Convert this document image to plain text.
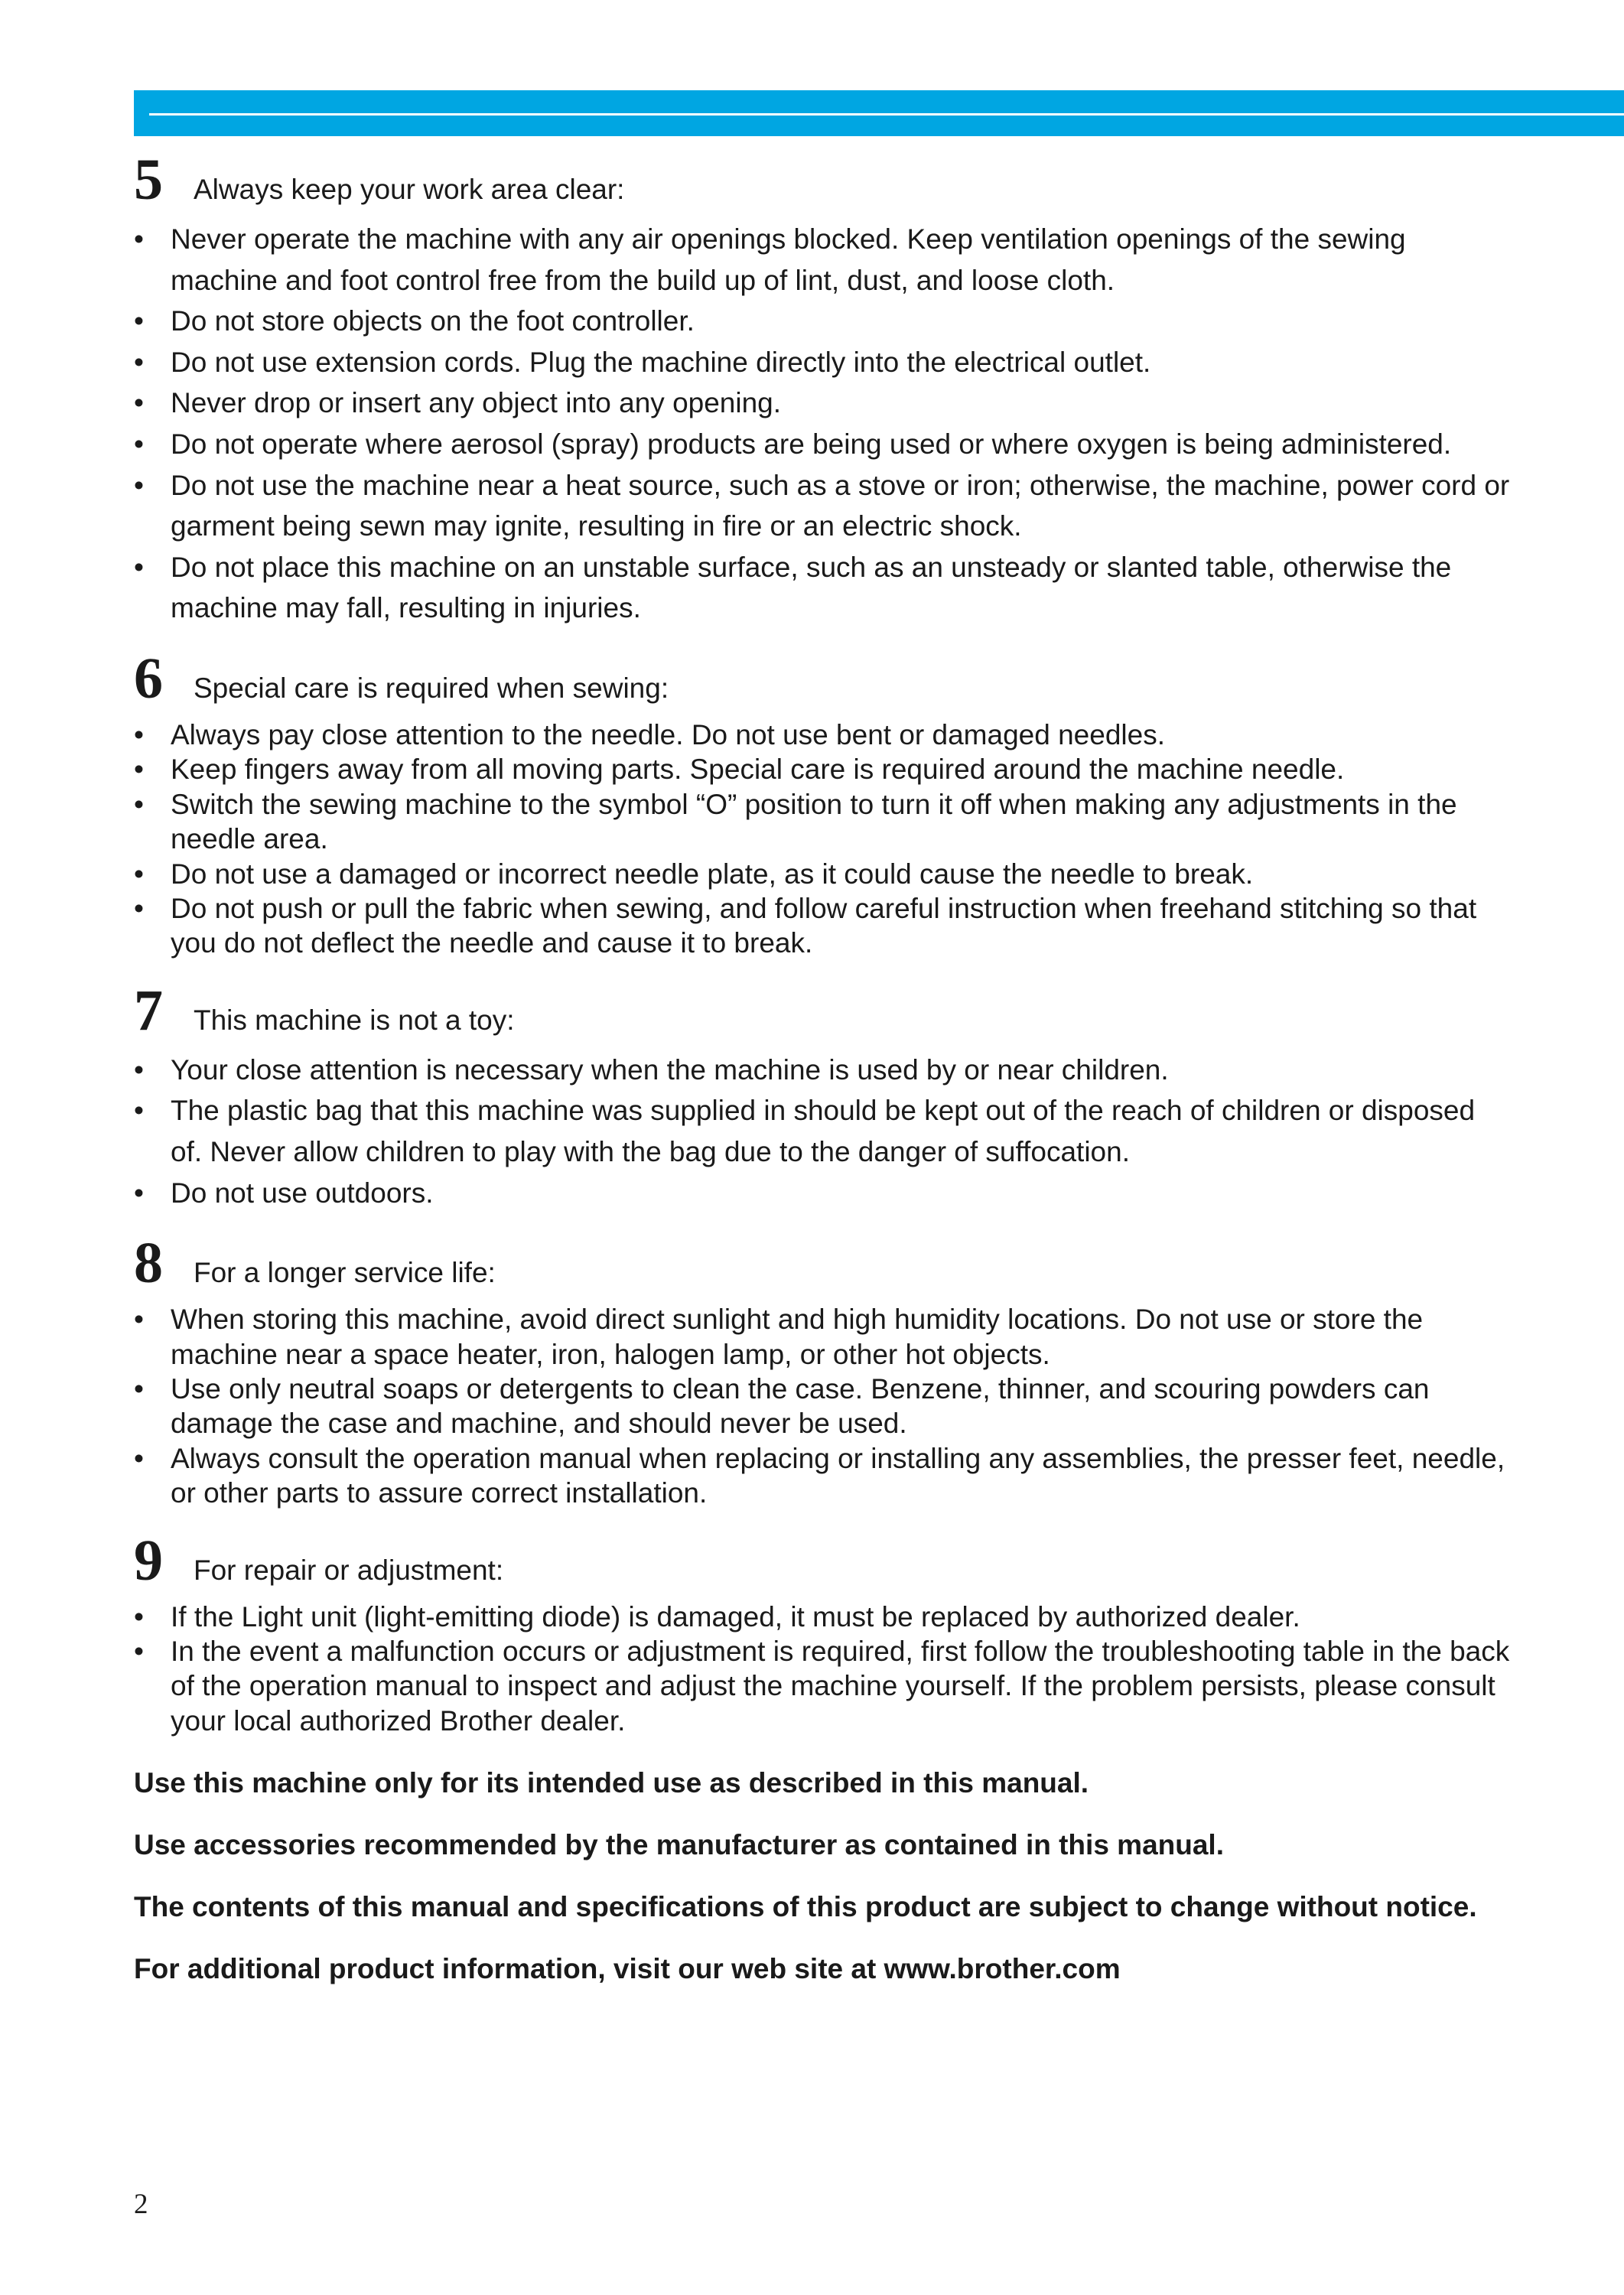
5	Always keep your work area clear:
• Never operate the machine with any air openings blocked. Keep ventilation openings of the sewing machine and foot control free from the build up of lint, dust, and loose cloth.
• Do not store objects on the foot controller.
• Do not use extension cords. Plug the machine directly into the electrical outlet.
• Never drop or insert any object into any opening.
• Do not operate where aerosol (spray) products are being used or where oxygen is being administered.
• Do not use the machine near a heat source, such as a stove or iron; otherwise, the machine, power cord or garment being sewn may ignite, resulting in fire or an electric shock.
• Do not place this machine on an unstable surface, such as an unsteady or slanted table, otherwise the machine may fall, resulting in injuries.
6	Special care is required when sewing:
• Always pay close attention to the needle. Do not use bent or damaged needles.
• Keep fingers away from all moving parts. Special care is required around the machine needle.
• Switch the sewing machine to the symbol “O” position to turn it off when making any adjustments in the needle area.
• Do not use a damaged or incorrect needle plate, as it could cause the needle to break.
• Do not push or pull the fabric when sewing, and follow careful instruction when freehand stitching so that you do not deflect the needle and cause it to break.
7	This machine is not a toy:
• Your close attention is necessary when the machine is used by or near children.
• The plastic bag that this machine was supplied in should be kept out of the reach of children or disposed of. Never allow children to play with the bag due to the danger of suffocation.
• Do not use outdoors.
8	For a longer service life:
• When storing this machine, avoid direct sunlight and high humidity locations. Do not use or store the machine near a space heater, iron, halogen lamp, or other hot objects.
• Use only neutral soaps or detergents to clean the case. Benzene, thinner, and scouring powders can damage the case and machine, and should never be used.
• Always consult the operation manual when replacing or installing any assemblies, the presser feet, needle, or other parts to assure correct installation.
9	For repair or adjustment:
• If the Light unit (light-emitting diode) is damaged, it must be replaced by authorized dealer.
• In the event a malfunction occurs or adjustment is required, first follow the troubleshooting table in the back of the operation manual to inspect and adjust the machine yourself. If the problem persists, please consult your local authorized Brother dealer.

Use this machine only for its intended use as described in this manual.

Use accessories recommended by the manufacturer as contained in this manual.

The contents of this manual and specifications of this product are subject to change without notice.

For additional product information, visit our web site at www.brother.com

2
